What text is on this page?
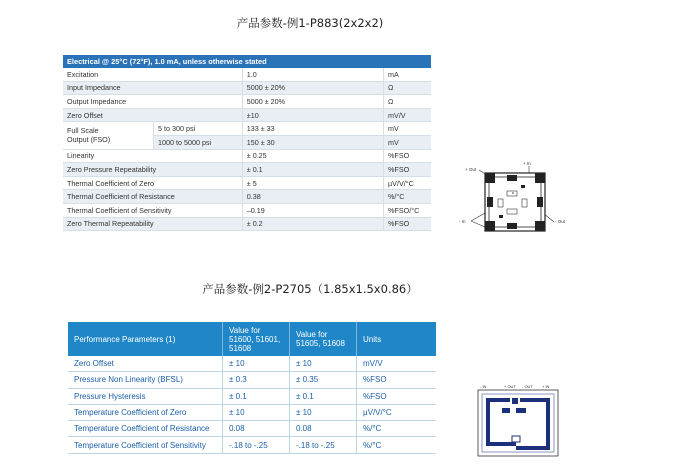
产品参数-例1-P883(2x2x2)
Electrical @ 25°C (72°F), 1.0 mA, unless otherwise stated			
Excitation		1.0	mA
Input Impedance		5000 ± 20%	Ω
Output Impedance		5000 ± 20%	Ω
Zero Offset		±10	mV/V
Full Scale
Output (FSO)	5 to 300 psi	133 ± 33	mV
	1000 to 5000 psi	150 ± 30	mV
Linearity		± 0.25	%FSO
Zero Pressure Repeatability		± 0.1	%FSO
Thermal Coefficient of Zero		± 5	µV/V/°C
Thermal Coefficient of Resistance		0.38	%/°C
Thermal Coefficient of Sensitivity		–0.19	%FSO/°C
Zero Thermal Repeatability		± 0.2	%FSO
+ Out
+ In
- In	- Out
产品参数-例2-P2705（1.85x1.5x0.86）
Performance Parameters (1)	Value for 51600, 51601, 51608	Value for 51605, 51608	Units
Zero Offset	± 10	± 10	mV/V
Pressure Non Linearity (BFSL)	± 0.3	± 0.35	%FSO
Pressure Hysteresis	± 0.1	± 0.1	%FSO
Temperature Coefficient of Zero	± 10	± 10	µV/V/°C
Temperature Coefficient of Resistance	0.08	0.08	%/°C
Temperature Coefficient of Sensitivity	-.18 to -.25	-.18 to -.25	%/°C
- IN	+ OUT - OUT + IN
